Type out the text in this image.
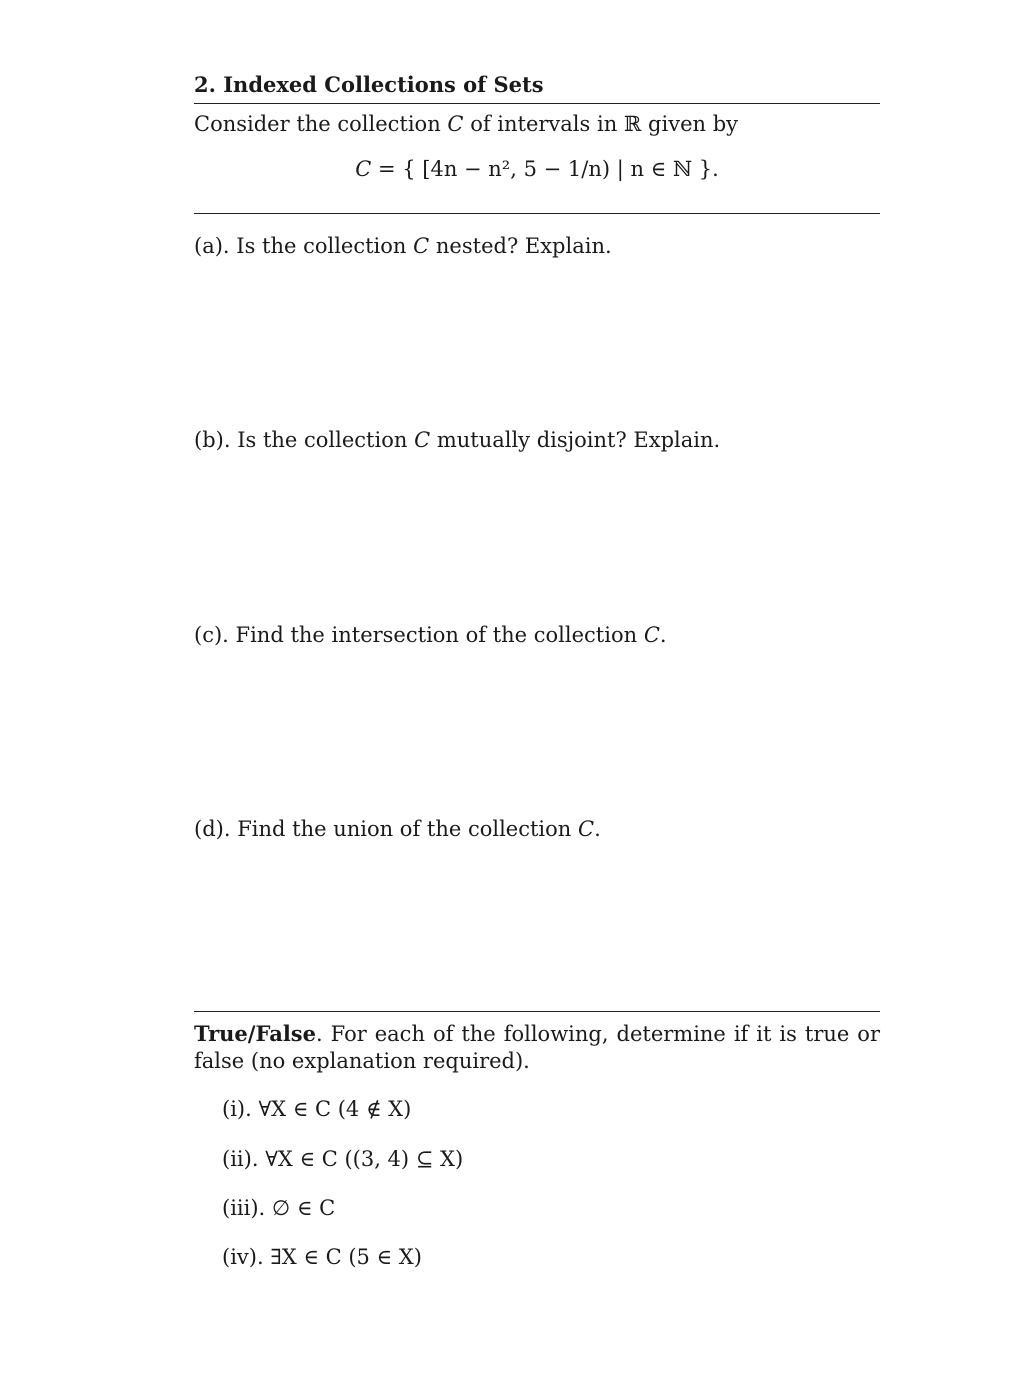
2. Indexed Collections of Sets
Consider the collection C of intervals in ℝ given by
C = { [4n − n², 5 − 1/n) | n ∈ ℕ }.
(a). Is the collection C nested? Explain.
(b). Is the collection C mutually disjoint? Explain.
(c). Find the intersection of the collection C.
(d). Find the union of the collection C.
True/False. For each of the following, determine if it is true or false (no explanation required).
(i). ∀X ∈ C (4 ∉ X)
(ii). ∀X ∈ C ((3, 4) ⊆ X)
(iii). ∅ ∈ C
(iv). ∃X ∈ C (5 ∈ X)
